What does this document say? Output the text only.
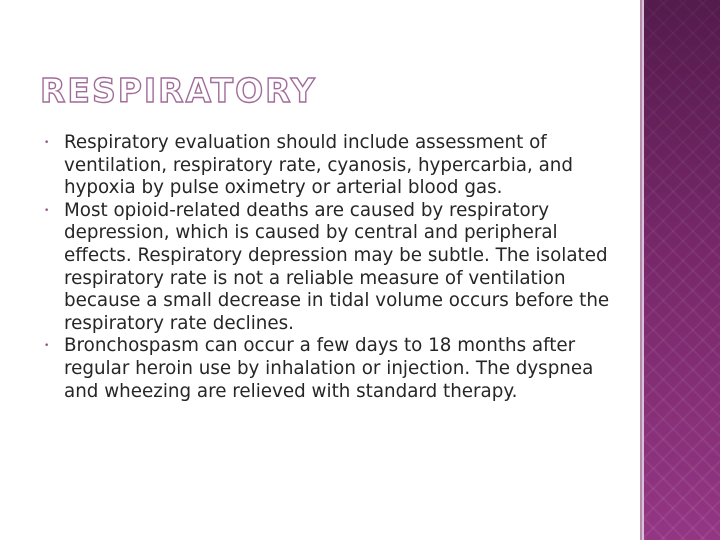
RESPIRATORY
• Respiratory evaluation should include assessment of ventilation, respiratory rate, cyanosis, hypercarbia, and hypoxia by pulse oximetry or arterial blood gas.
• Most opioid-related deaths are caused by respiratory depression, which is caused by central and peripheral effects. Respiratory depression may be subtle. The isolated respiratory rate is not a reliable measure of ventilation because a small decrease in tidal volume occurs before the respiratory rate declines.
• Bronchospasm can occur a few days to 18 months after regular heroin use by inhalation or injection. The dyspnea and wheezing are relieved with standard therapy.
